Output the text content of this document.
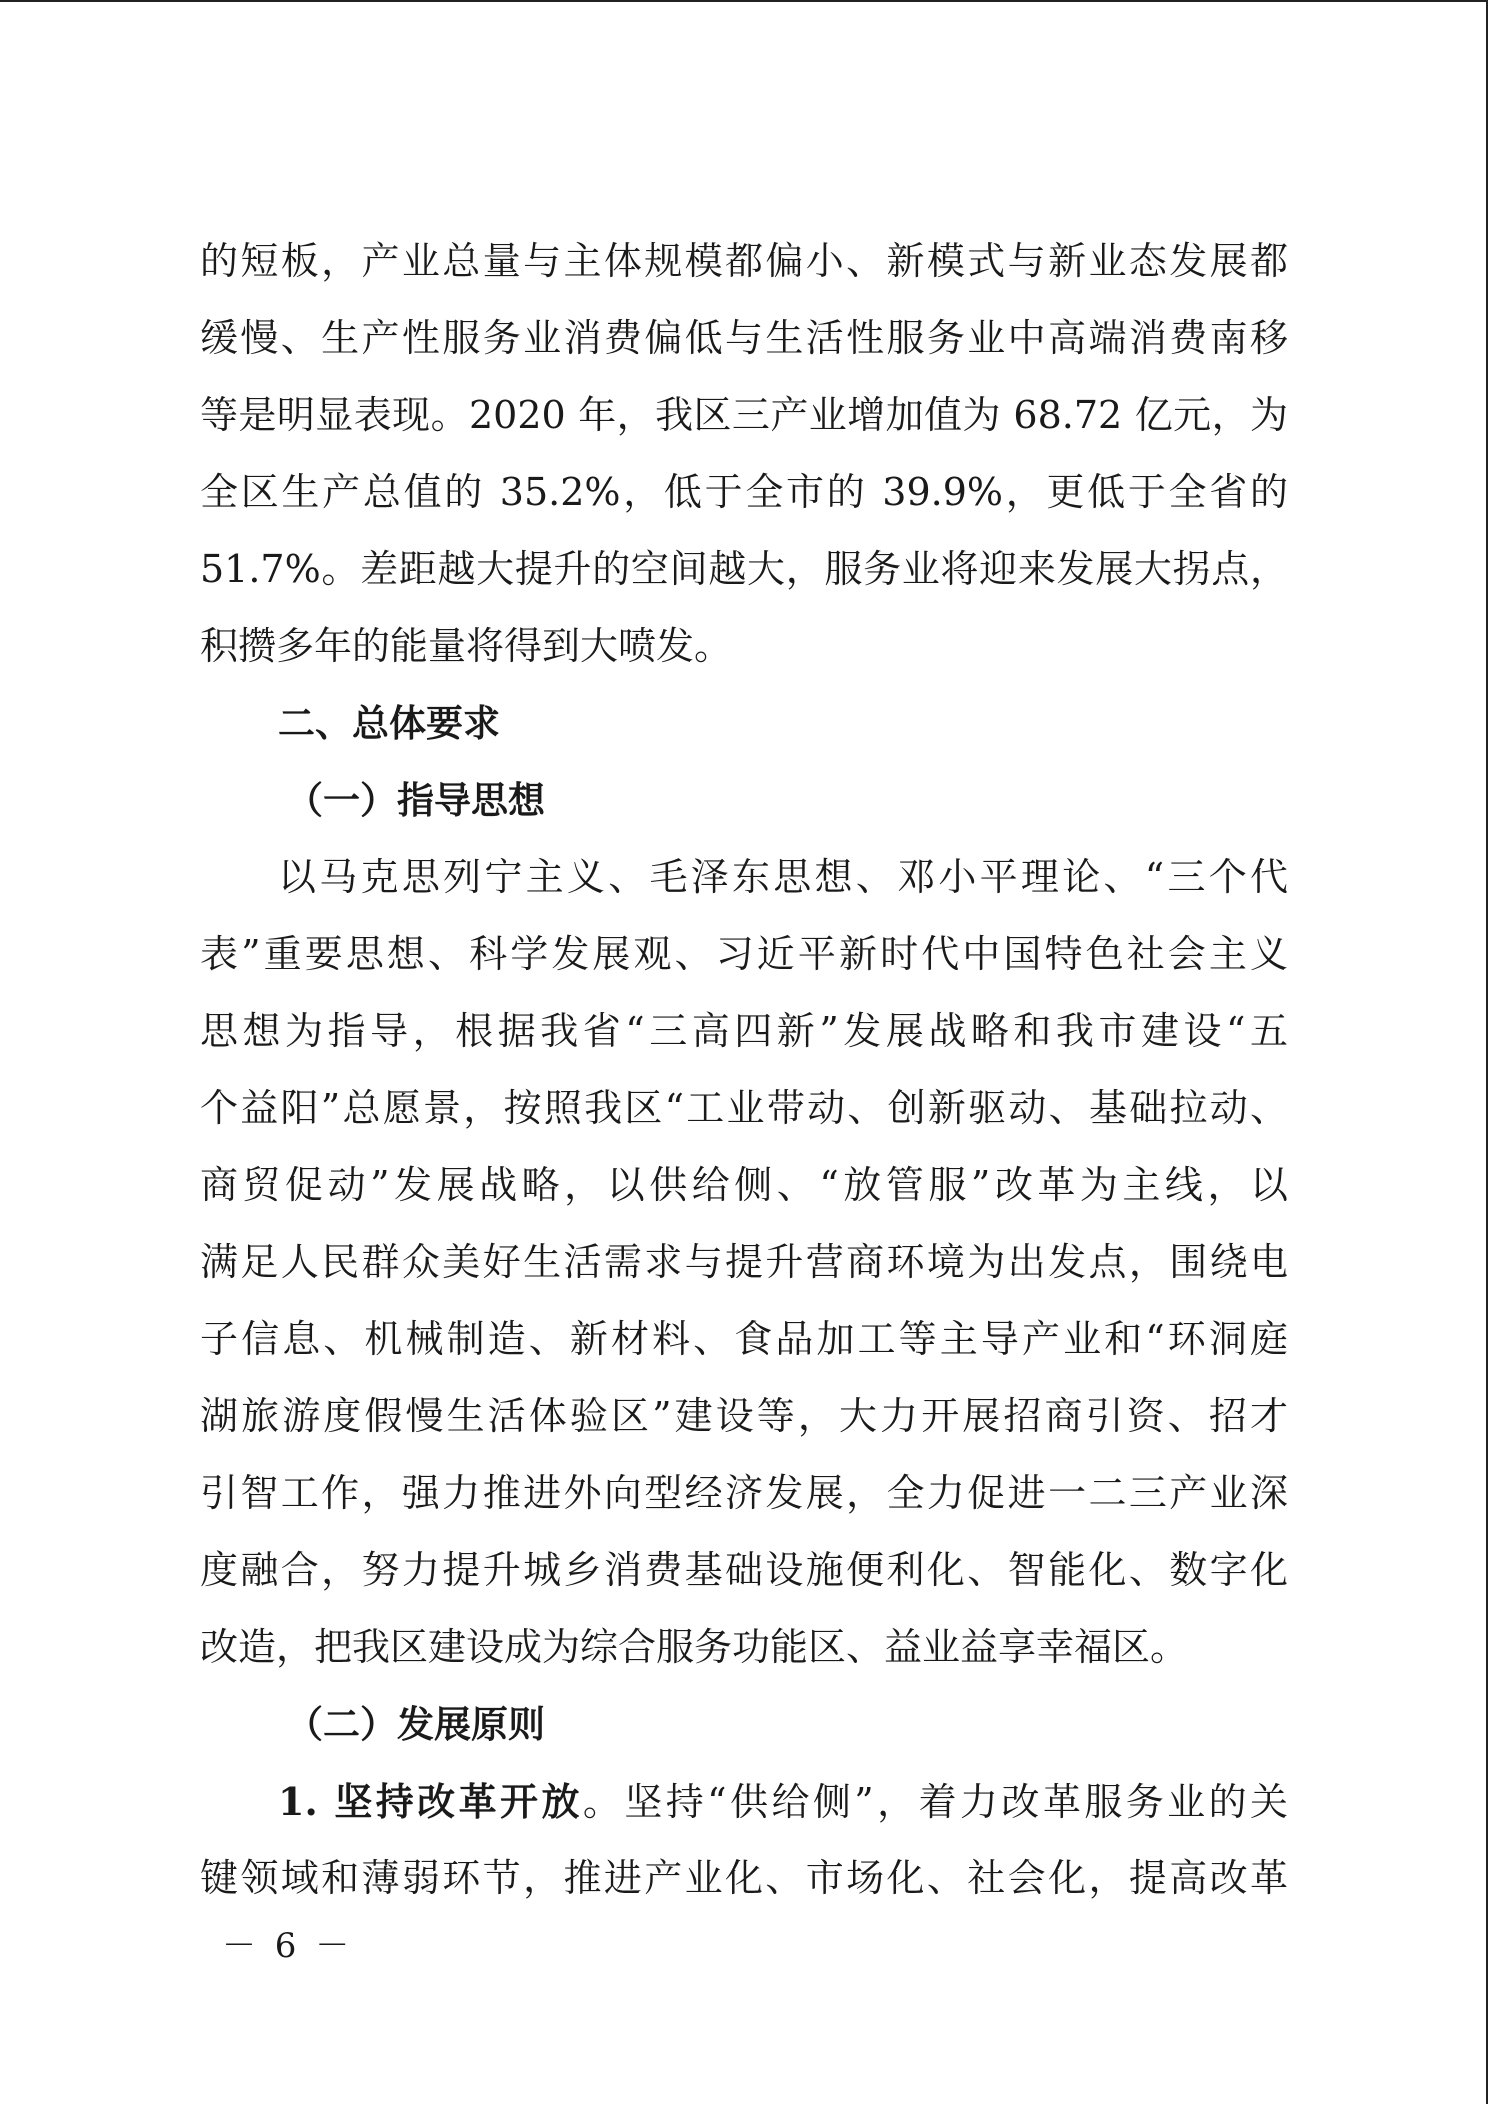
的短板，产业总量与主体规模都偏小、新模式与新业态发展都
缓慢、生产性服务业消费偏低与生活性服务业中高端消费南移
等是明显表现。2020 年，我区三产业增加值为 68.72 亿元，为
全区生产总值的 35.2%，低于全市的 39.9%，更低于全省的
51.7%。差距越大提升的空间越大，服务业将迎来发展大拐点，
积攒多年的能量将得到大喷发。
二、总体要求
（一）指导思想
以马克思列宁主义、毛泽东思想、邓小平理论、“三个代
表”重要思想、科学发展观、习近平新时代中国特色社会主义
思想为指导，根据我省“三高四新”发展战略和我市建设“五
个益阳”总愿景，按照我区“工业带动、创新驱动、基础拉动、
商贸促动”发展战略，以供给侧、“放管服”改革为主线，以
满足人民群众美好生活需求与提升营商环境为出发点，围绕电
子信息、机械制造、新材料、食品加工等主导产业和“环洞庭
湖旅游度假慢生活体验区”建设等，大力开展招商引资、招才
引智工作，强力推进外向型经济发展，全力促进一二三产业深
度融合，努力提升城乡消费基础设施便利化、智能化、数字化
改造，把我区建设成为综合服务功能区、益业益享幸福区。
（二）发展原则
1. 坚持改革开放。坚持“供给侧”，着力改革服务业的关
键领域和薄弱环节，推进产业化、市场化、社会化，提高改革
－ 6 －
